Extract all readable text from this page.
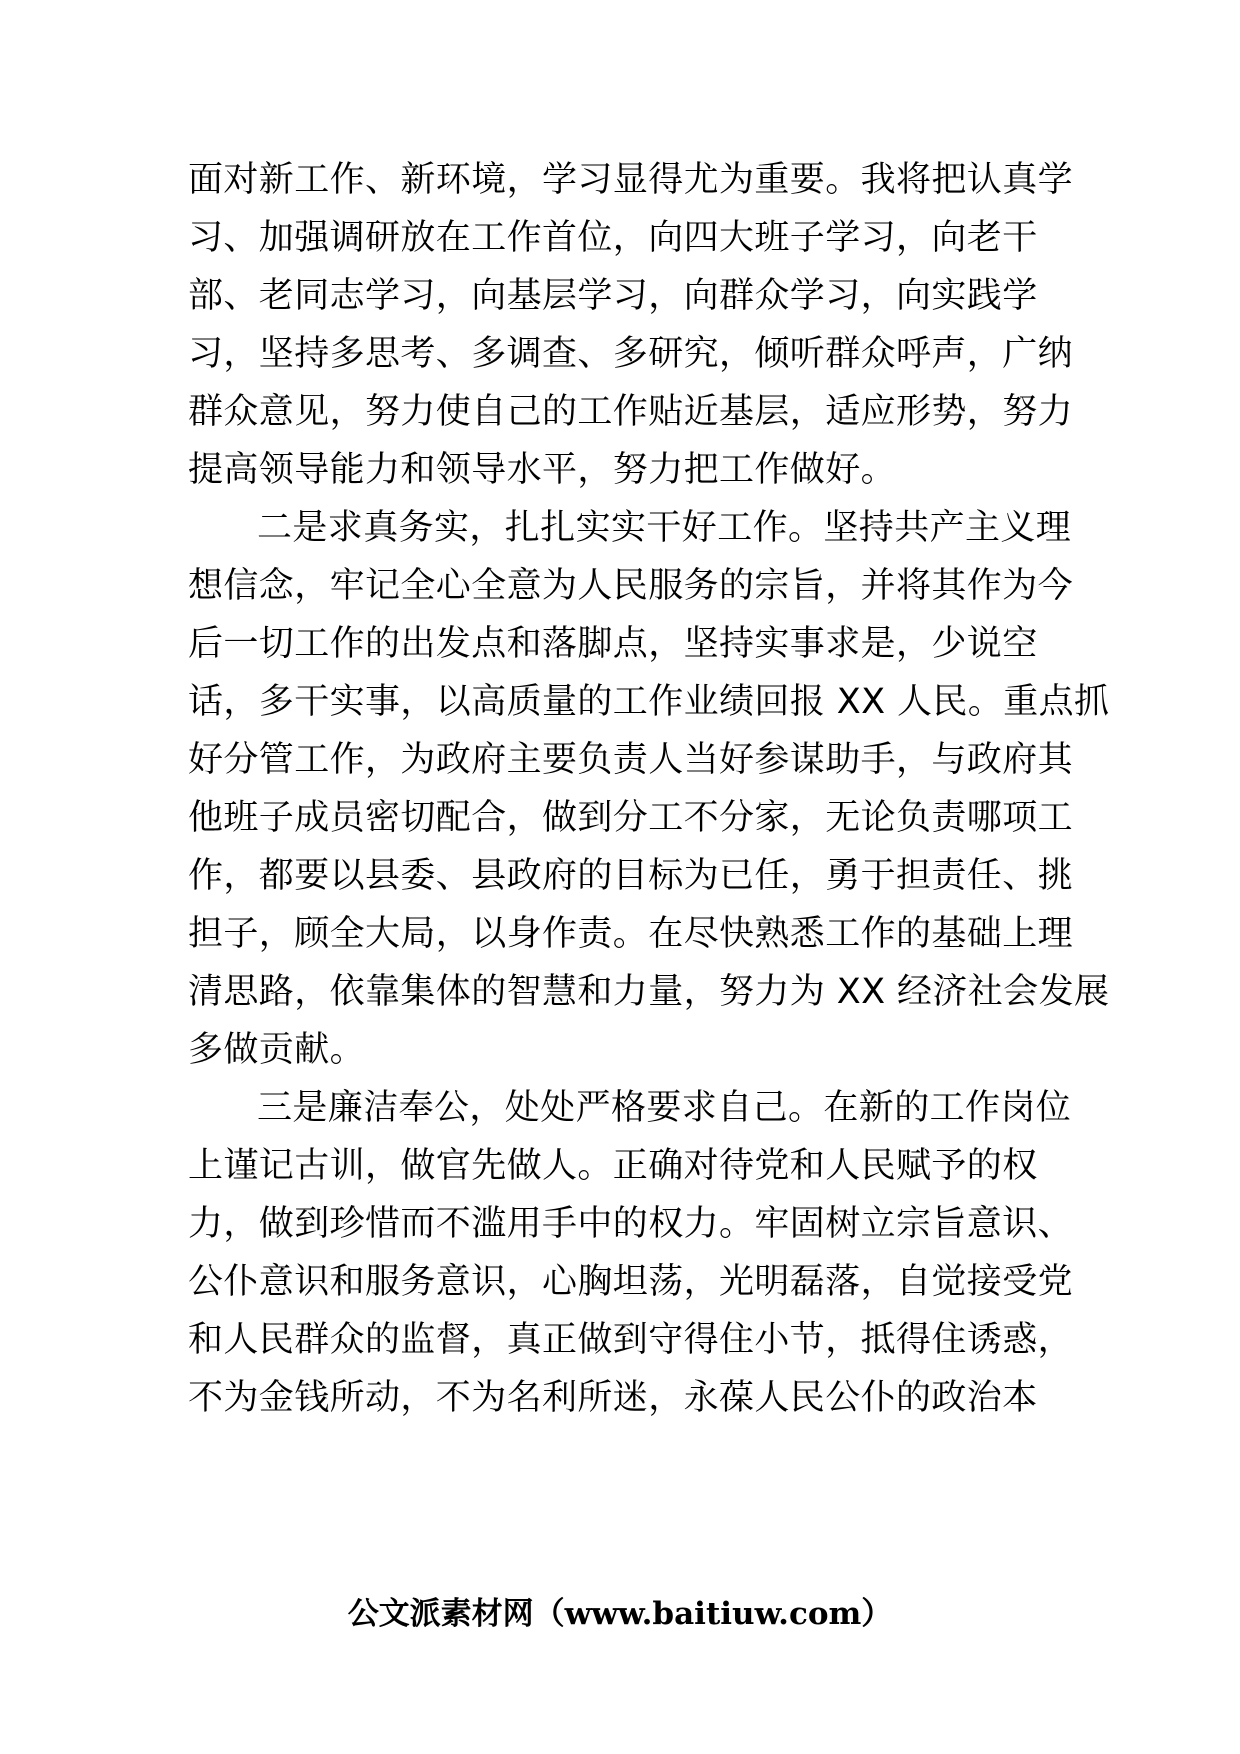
面对新工作、新环境，学习显得尤为重要。我将把认真学
习、加强调研放在工作首位，向四大班子学习，向老干
部、老同志学习，向基层学习，向群众学习，向实践学
习，坚持多思考、多调查、多研究，倾听群众呼声，广纳
群众意见，努力使自己的工作贴近基层，适应形势，努力
提高领导能力和领导水平，努力把工作做好。
二是求真务实，扎扎实实干好工作。坚持共产主义理
想信念，牢记全心全意为人民服务的宗旨，并将其作为今
后一切工作的出发点和落脚点，坚持实事求是，少说空
话，多干实事，以高质量的工作业绩回报 XX 人民。重点抓
好分管工作，为政府主要负责人当好参谋助手，与政府其
他班子成员密切配合，做到分工不分家，无论负责哪项工
作，都要以县委、县政府的目标为已任，勇于担责任、挑
担子，顾全大局，以身作责。在尽快熟悉工作的基础上理
清思路，依靠集体的智慧和力量，努力为 XX 经济社会发展
多做贡献。
三是廉洁奉公，处处严格要求自己。在新的工作岗位
上谨记古训，做官先做人。正确对待党和人民赋予的权
力，做到珍惜而不滥用手中的权力。牢固树立宗旨意识、
公仆意识和服务意识，心胸坦荡，光明磊落，自觉接受党
和人民群众的监督，真正做到守得住小节，抵得住诱惑，
不为金钱所动，不为名利所迷，永葆人民公仆的政治本
公文派素材网（www.baitiuw.com）
